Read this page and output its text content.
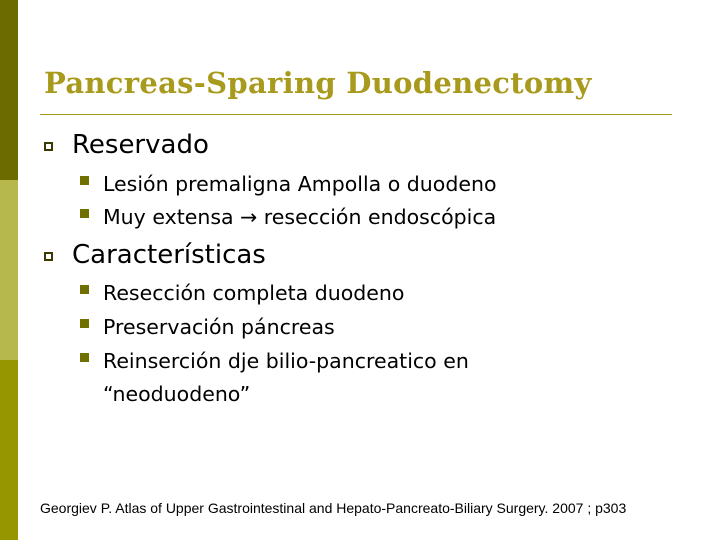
Pancreas-Sparing Duodenectomy
Reservado
Lesión premaligna Ampolla o duodeno
Muy extensa → resección endoscópica
Características
Resección completa duodeno
Preservación páncreas
Reinserción dje bilio-pancreatico en “neoduodeno”
Georgiev P. Atlas of Upper Gastrointestinal and Hepato-Pancreato-Biliary Surgery. 2007 ; p303
